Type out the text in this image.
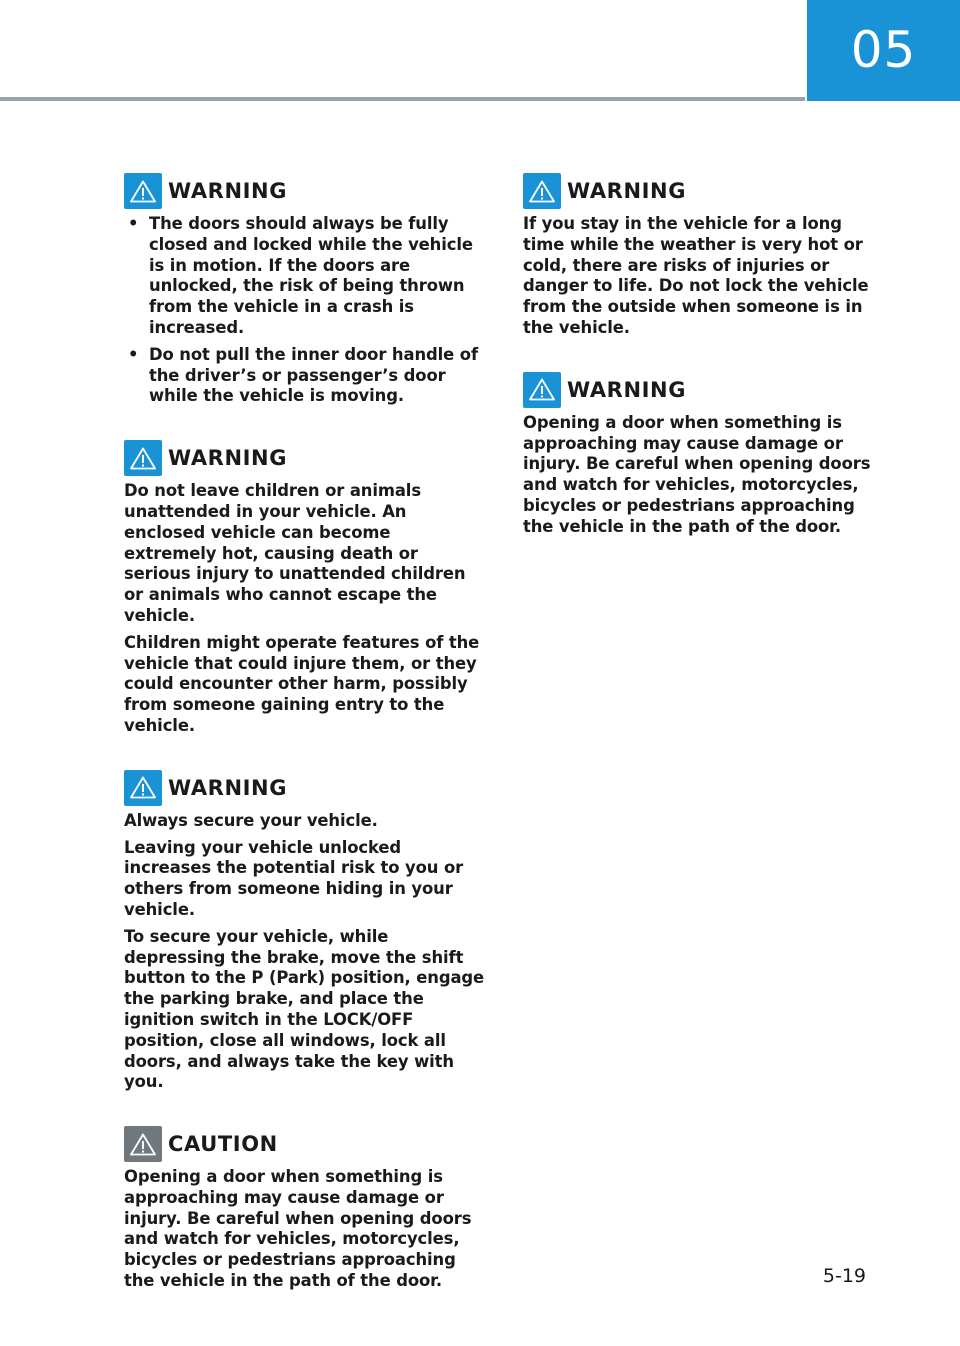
05
WARNING
• The doors should always be fully closed and locked while the vehicle is in motion. If the doors are unlocked, the risk of being thrown from the vehicle in a crash is increased.
• Do not pull the inner door handle of the driver’s or passenger’s door while the vehicle is moving.
WARNING

Do not leave children or animals unattended in your vehicle. An enclosed vehicle can become extremely hot, causing death or serious injury to unattended children or animals who cannot escape the vehicle.

Children might operate features of the vehicle that could injure them, or they could encounter other harm, possibly from someone gaining entry to the vehicle.

WARNING

Always secure your vehicle.

Leaving your vehicle unlocked increases the potential risk to you or others from someone hiding in your vehicle.

To secure your vehicle, while depressing the brake, move the shift button to the P (Park) position, engage the parking brake, and place the ignition switch in the LOCK/OFF position, close all windows, lock all doors, and always take the key with you.

CAUTION

Opening a door when something is approaching may cause damage or injury. Be careful when opening doors and watch for vehicles, motorcycles, bicycles or pedestrians approaching the vehicle in the path of the door.

WARNING

If you stay in the vehicle for a long time while the weather is very hot or cold, there are risks of injuries or danger to life. Do not lock the vehicle from the outside when someone is in the vehicle.

WARNING

Opening a door when something is approaching may cause damage or injury. Be careful when opening doors and watch for vehicles, motorcycles, bicycles or pedestrians approaching the vehicle in the path of the door.

5-19
